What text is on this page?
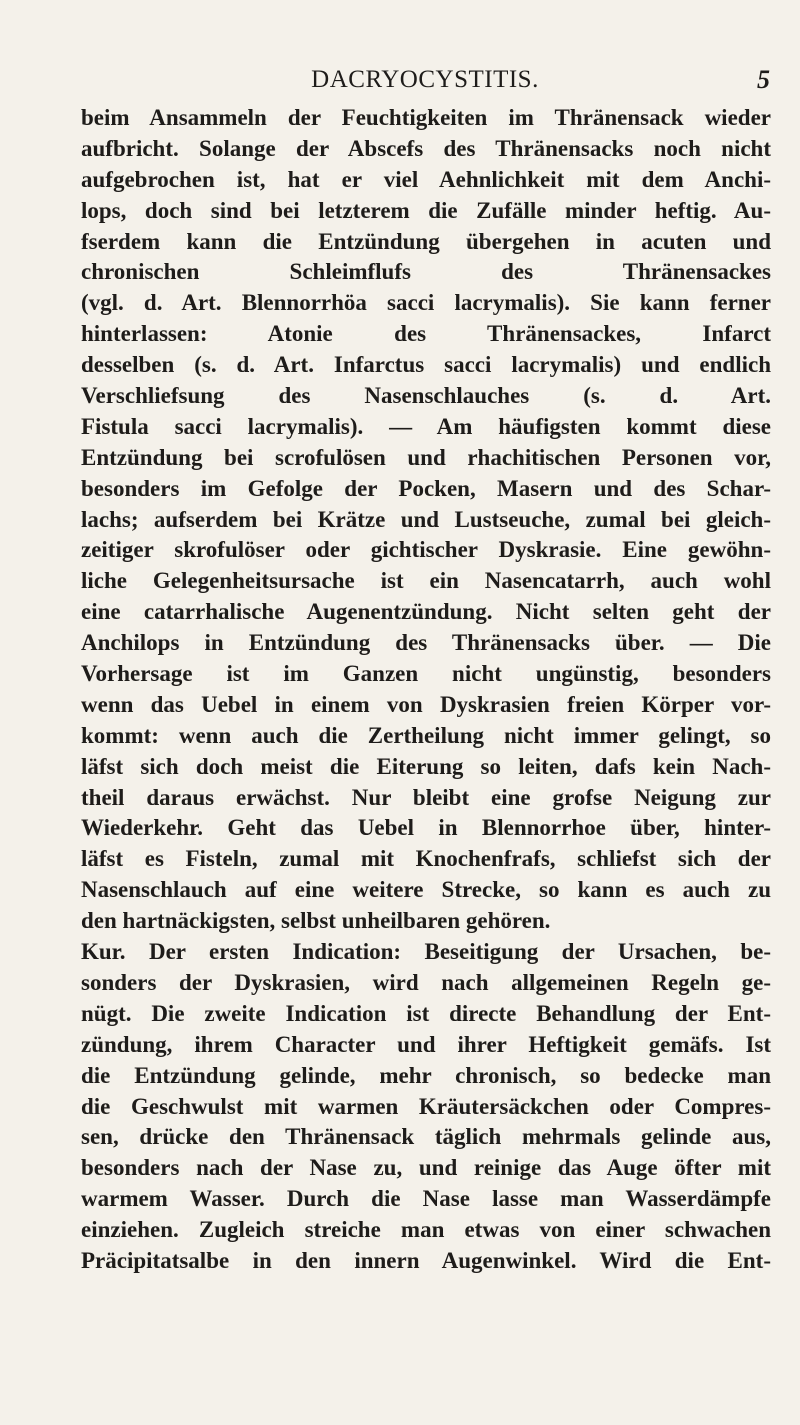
DACRYOCYSTITIS.	5
beim Ansammeln der Feuchtigkeiten im Thränensack wieder
aufbricht. Solange der Abscefs des Thränensacks noch nicht
aufgebrochen ist, hat er viel Aehnlichkeit mit dem Anchi-
lops, doch sind bei letzterem die Zufälle minder heftig. Au-
fserdem kann die Entzündung übergehen in acuten und
chronischen Schleimflufs des Thränensackes
(vgl. d. Art. Blennorrhöa sacci lacrymalis). Sie kann ferner
hinterlassen: Atonie des Thränensackes, Infarct
desselben (s. d. Art. Infarctus sacci lacrymalis) und endlich
Verschliefsung des Nasenschlauches (s. d. Art.
Fistula sacci lacrymalis). — Am häufigsten kommt diese
Entzündung bei scrofulösen und rhachitischen Personen vor,
besonders im Gefolge der Pocken, Masern und des Schar-
lachs; aufserdem bei Krätze und Lustseuche, zumal bei gleich-
zeitiger skrofulöser oder gichtischer Dyskrasie. Eine gewöhn-
liche Gelegenheitsursache ist ein Nasencatarrh, auch wohl
eine catarrhalische Augenentzündung. Nicht selten geht der
Anchilops in Entzündung des Thränensacks über. — Die
Vorhersage ist im Ganzen nicht ungünstig, besonders
wenn das Uebel in einem von Dyskrasien freien Körper vor-
kommt: wenn auch die Zertheilung nicht immer gelingt, so
läfst sich doch meist die Eiterung so leiten, dafs kein Nach-
theil daraus erwächst. Nur bleibt eine grofse Neigung zur
Wiederkehr. Geht das Uebel in Blennorrhoe über, hinter-
läfst es Fisteln, zumal mit Knochenfrafs, schliefst sich der
Nasenschlauch auf eine weitere Strecke, so kann es auch zu
den hartnäckigsten, selbst unheilbaren gehören.
Kur. Der ersten Indication: Beseitigung der Ursachen, be-
sonders der Dyskrasien, wird nach allgemeinen Regeln ge-
nügt. Die zweite Indication ist directe Behandlung der Ent-
zündung, ihrem Character und ihrer Heftigkeit gemäfs. Ist
die Entzündung gelinde, mehr chronisch, so bedecke man
die Geschwulst mit warmen Kräutersäckchen oder Compres-
sen, drücke den Thränensack täglich mehrmals gelinde aus,
besonders nach der Nase zu, und reinige das Auge öfter mit
warmem Wasser. Durch die Nase lasse man Wasserdämpfe
einziehen. Zugleich streiche man etwas von einer schwachen
Präcipitatsalbe in den innern Augenwinkel. Wird die Ent-
